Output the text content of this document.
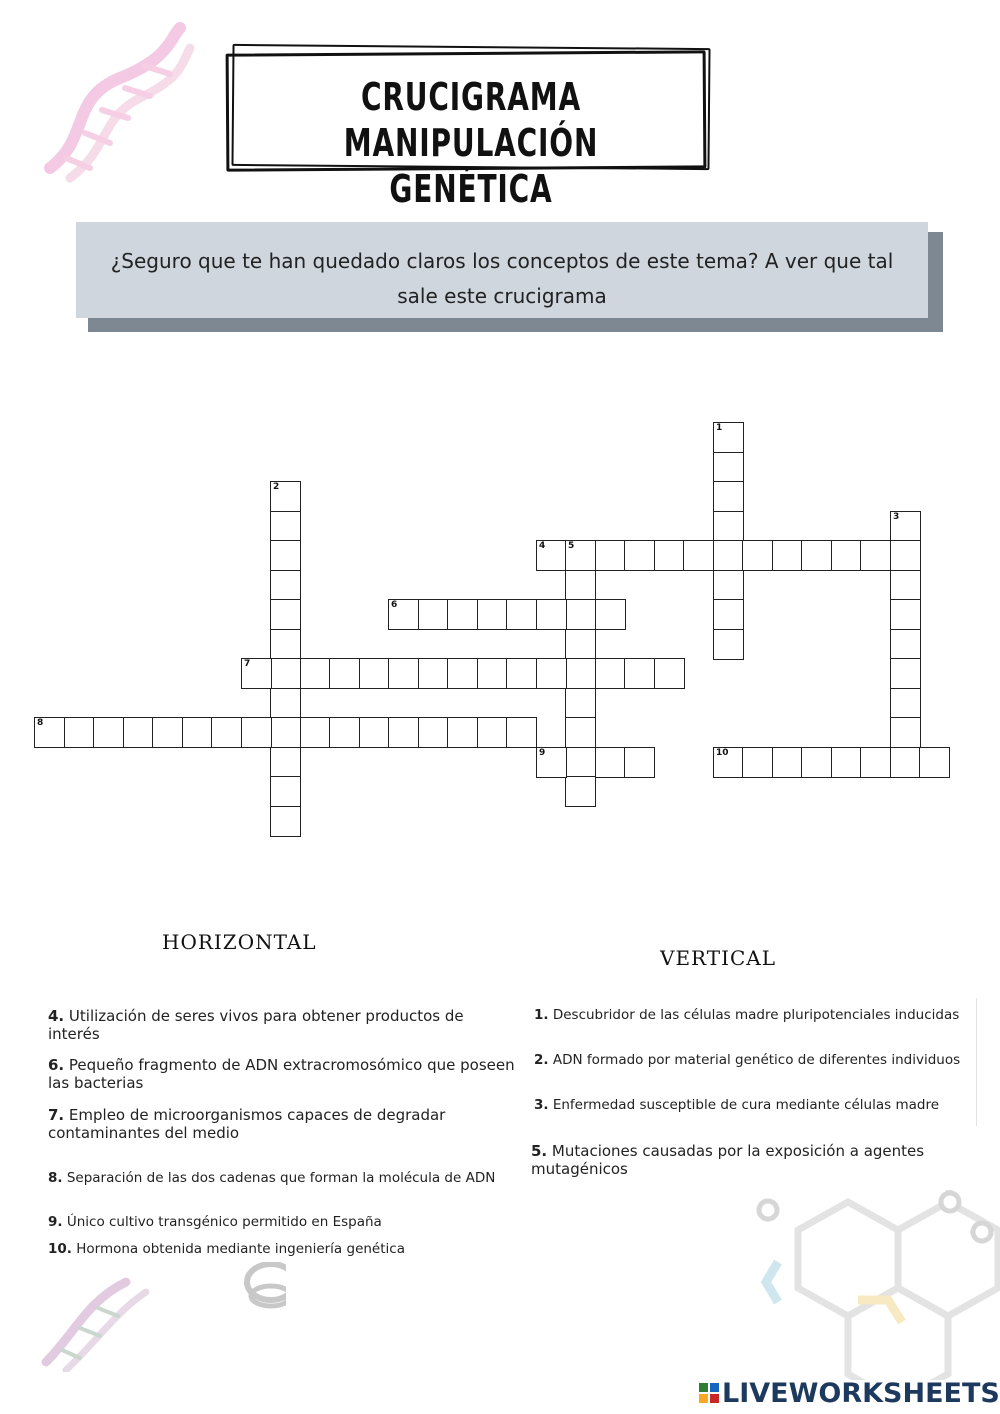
CRUCIGRAMA MANIPULACIÓN
GENÉTICA
¿Seguro que te han quedado claros los conceptos de este tema? A ver que tal sale este crucigrama
1
2
3
4	5
6
7
8
9	10
HORIZONTAL
VERTICAL
4. Utilización de seres vivos para obtener productos de interés
6. Pequeño fragmento de ADN extracromosómico que poseen las bacterias
7. Empleo de microorganismos capaces de degradar contaminantes del medio
8. Separación de las dos cadenas que forman la molécula de ADN
9. Único cultivo transgénico permitido en España
10. Hormona obtenida mediante ingeniería genética
1. Descubridor de las células madre pluripotenciales inducidas
2. ADN formado por material genético de diferentes individuos
3. Enfermedad susceptible de cura mediante células madre
5. Mutaciones causadas por la exposición a agentes mutagénicos
LIVEWORKSHEETS
